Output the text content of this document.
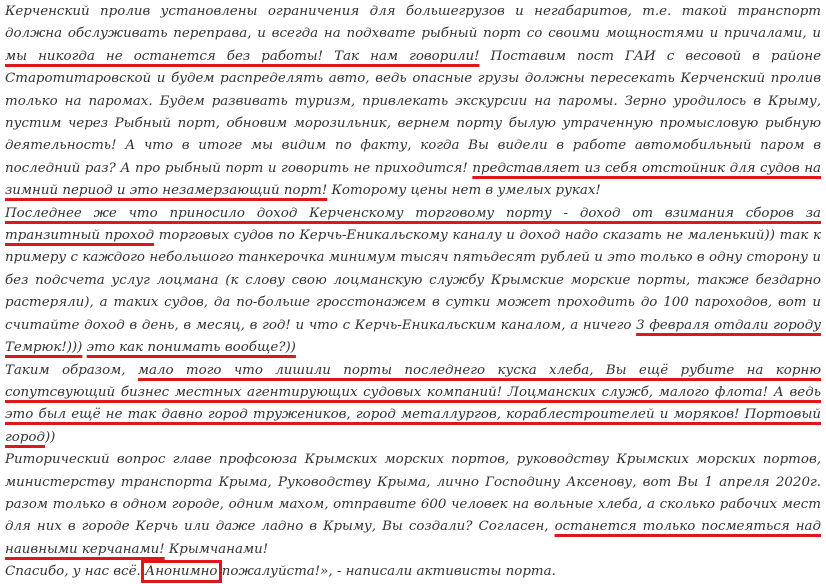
Керченский пролив установлены ограничения для большегрузов и негабаритов, т.е. такой транспорт должна обслуживать переправа, и всегда на подхвате рыбный порт со своими мощностями и причалами, и мы никогда не останется без работы! Так нам говорили! Поставим пост ГАИ с весовой в районе Старотитаровской и будем распределять авто, ведь опасные грузы должны пересекать Керченский пролив только на паромах. Будем развивать туризм, привлекать экскурсии на паромы. Зерно уродилось в Крыму, пустим через Рыбный порт, обновим морозильник, вернем порту былую утраченную промысловую рыбную деятельность! А что в итоге мы видим по факту, когда Вы видели в работе автомобильный паром в последний раз? А про рыбный порт и говорить не приходится! представляет из себя отстойник для судов на зимний период и это незамерзающий порт! Которому цены нет в умелых руках!

Последнее же что приносило доход Керченскому торговому порту - доход от взимания сборов за транзитный проход торговых судов по Керчь-Еникальскому каналу и доход надо сказать не маленький)) так к примеру с каждого небольшого танкерочка минимум тысяч пятьдесят рублей и это только в одну сторону и без подсчета услуг лоцмана (к слову свою лоцманскую службу Крымские морские порты, также бездарно растеряли), а таких судов, да по-больше гросстонажем в сутки может проходить до 100 пароходов, вот и считайте доход в день, в месяц, в год! и что с Керчь-Еникальским каналом, а ничего 3 февраля отдали городу Темрюк!))) это как понимать вообще?))

Таким образом, мало того что лишили порты последнего куска хлеба, Вы ещё рубите на корню сопутсвующий бизнес местных агентирующих судовых компаний! Лоцманских служб, малого флота! А ведь это был ещё не так давно город тружеников, город металлургов, кораблестроителей и моряков! Портовый город))

Риторический вопрос главе профсоюза Крымских морских портов, руководству Крымских морских портов, министерству транспорта Крыма, Руководству Крыма, лично Господину Аксенову, вот Вы 1 апреля 2020г. разом только в одном городе, одним махом, отправите 600 человек на вольные хлеба, а сколько рабочих мест для них в городе Керчь или даже ладно в Крыму, Вы создали? Согласен, останется только посмеяться над наивными керчанами! Крымчанами!

Спасибо, у нас всё. Анонимно пожалуйста!», - написали активисты порта.
